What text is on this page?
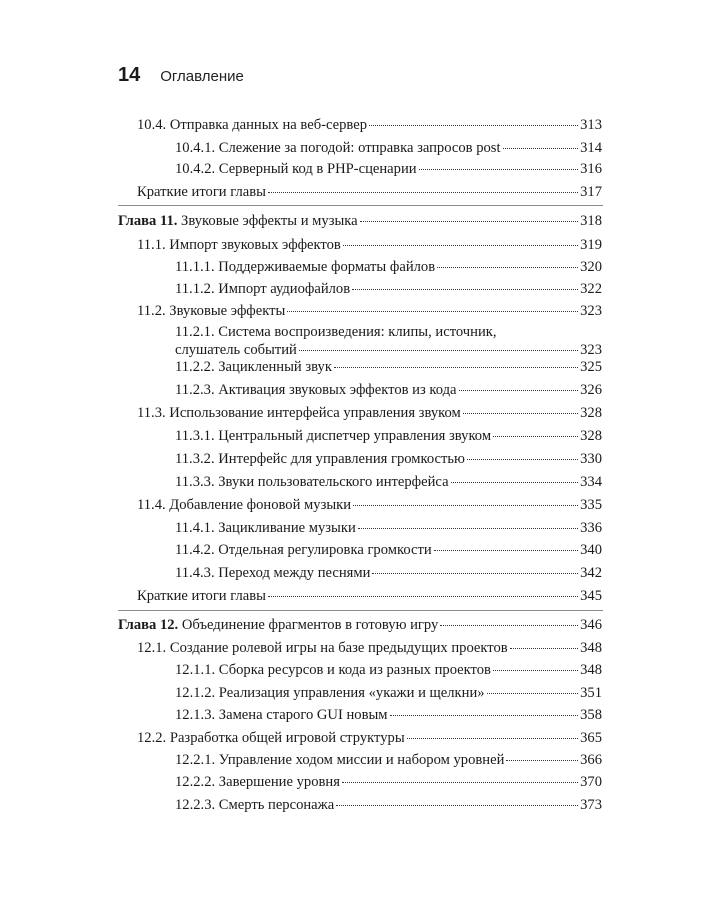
14 Оглавление
10.4. Отправка данных на веб-сервер	313
10.4.1. Слежение за погодой: отправка запросов post	314
10.4.2. Серверный код в PHP-сценарии	316
Краткие итоги главы	317
Глава 11. Звуковые эффекты и музыка	318
11.1. Импорт звуковых эффектов	319
11.1.1. Поддерживаемые форматы файлов	320
11.1.2. Импорт аудиофайлов	322
11.2. Звуковые эффекты	323
11.2.1. Система воспроизведения: клипы, источник,
слушатель событий	323
11.2.2. Зацикленный звук	325
11.2.3. Активация звуковых эффектов из кода	326
11.3. Использование интерфейса управления звуком	328
11.3.1. Центральный диспетчер управления звуком	328
11.3.2. Интерфейс для управления громкостью	330
11.3.3. Звуки пользовательского интерфейса	334
11.4. Добавление фоновой музыки	335
11.4.1. Зацикливание музыки	336
11.4.2. Отдельная регулировка громкости	340
11.4.3. Переход между песнями	342
Краткие итоги главы	345
Глава 12. Объединение фрагментов в готовую игру	346
12.1. Создание ролевой игры на базе предыдущих проектов	348
12.1.1. Сборка ресурсов и кода из разных проектов	348
12.1.2. Реализация управления «укажи и щелкни»	351
12.1.3. Замена старого GUI новым	358
12.2. Разработка общей игровой структуры	365
12.2.1. Управление ходом миссии и набором уровней	366
12.2.2. Завершение уровня	370
12.2.3. Смерть персонажа	373
